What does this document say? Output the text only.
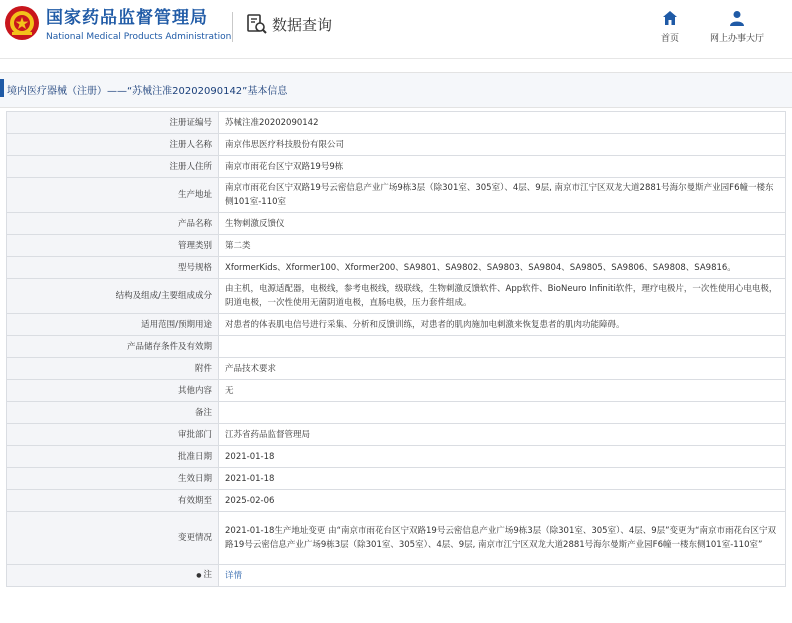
国家药品监督管理局
National Medical Products Administration
数据查询
首页	网上办事大厅
境内医疗器械（注册）——“苏械注准20202090142”基本信息
注册证编号	苏械注准20202090142
注册人名称	南京伟思医疗科技股份有限公司
注册人住所	南京市雨花台区宁双路19号9栋
生产地址	南京市雨花台区宁双路19号云密信息产业广场9栋3层（除301室、305室）、4层、9层, 南京市江宁区双龙大道2881号海尔曼斯产业园F6幢一楼东侧101室-110室
产品名称	生物刺激反馈仪
管理类别	第二类
型号规格	XformerKids、Xformer100、Xformer200、SA9801、SA9802、SA9803、SA9804、SA9805、SA9806、SA9808、SA9816。
结构及组成/主要组成成分	由主机，电源适配器，电极线，参考电极线，级联线，生物刺激反馈软件、App软件、BioNeuro Infiniti软件，理疗电极片，一次性使用心电电极，阴道电极，一次性使用无菌阴道电极，直肠电极，压力套件组成。
适用范围/预期用途	对患者的体表肌电信号进行采集、分析和反馈训练，对患者的肌肉施加电刺激来恢复患者的肌肉功能障碍。
产品储存条件及有效期	
附件	产品技术要求
其他内容	无
备注	
审批部门	江苏省药品监督管理局
批准日期	2021-01-18
生效日期	2021-01-18
有效期至	2025-02-06
变更情况	2021-01-18生产地址变更 由“南京市雨花台区宁双路19号云密信息产业广场9栋3层（除301室、305室）、4层、9层”变更为“南京市雨花台区宁双路19号云密信息产业广场9栋3层（除301室、305室）、4层、9层, 南京市江宁区双龙大道2881号海尔曼斯产业园F6幢一楼东侧101室-110室”
● 注	详情
